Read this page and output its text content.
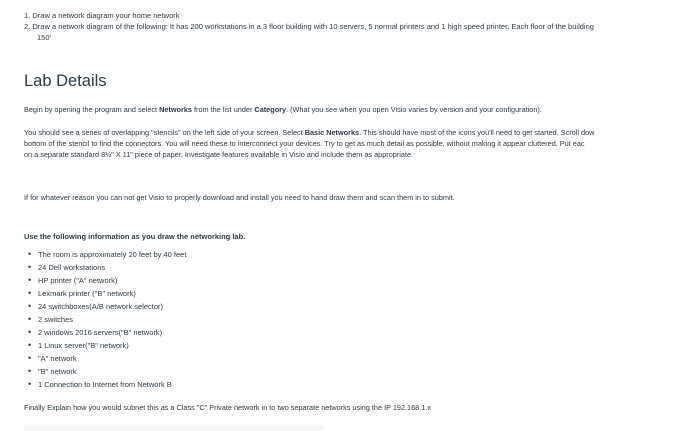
1. Draw a network diagram your home network
2. Draw a network diagram of the following: It has 200 workstations in a 3 floor building with 10 servers, 5 normal printers and 1 high speed printer. Each floor of the building
150'
Lab Details
Begin by opening the program and select Networks from the list under Category. (What you see when you open Visio varies by version and your configuration).
You should see a series of overlapping "stencils" on the left side of your screen. Select Basic Networks. This should have most of the icons you'll need to get started. Scroll dow
bottom of the stencil to find the connectors. You will need these to interconnect your devices. Try to get as much detail as possible, without making it appear cluttered. Put eac
on a separate standard 8½" X 11" piece of paper. Investigate features available in Visio and include them as appropriate.
If for whatever reason you can not get Visio to properly download and install you need to hand draw them and scan them in to submit.
Use the following information as you draw the networking lab.
• The room is approximately 20 feet by 40 feet
• 24 Dell workstations
• HP printer ("A" network)
• Lexmark printer ("B" network)
• 24 switchboxes(A/B network selector)
• 2 switches
• 2 windows 2016 servers("B" network)
• 1 Linux server("B" network)
• "A" network
• "B" network
• 1 Connection to Internet from Network B
Finally Explain how you would subnet this as a Class "C" Private network in to two separate networks using the IP 192.168.1.x
